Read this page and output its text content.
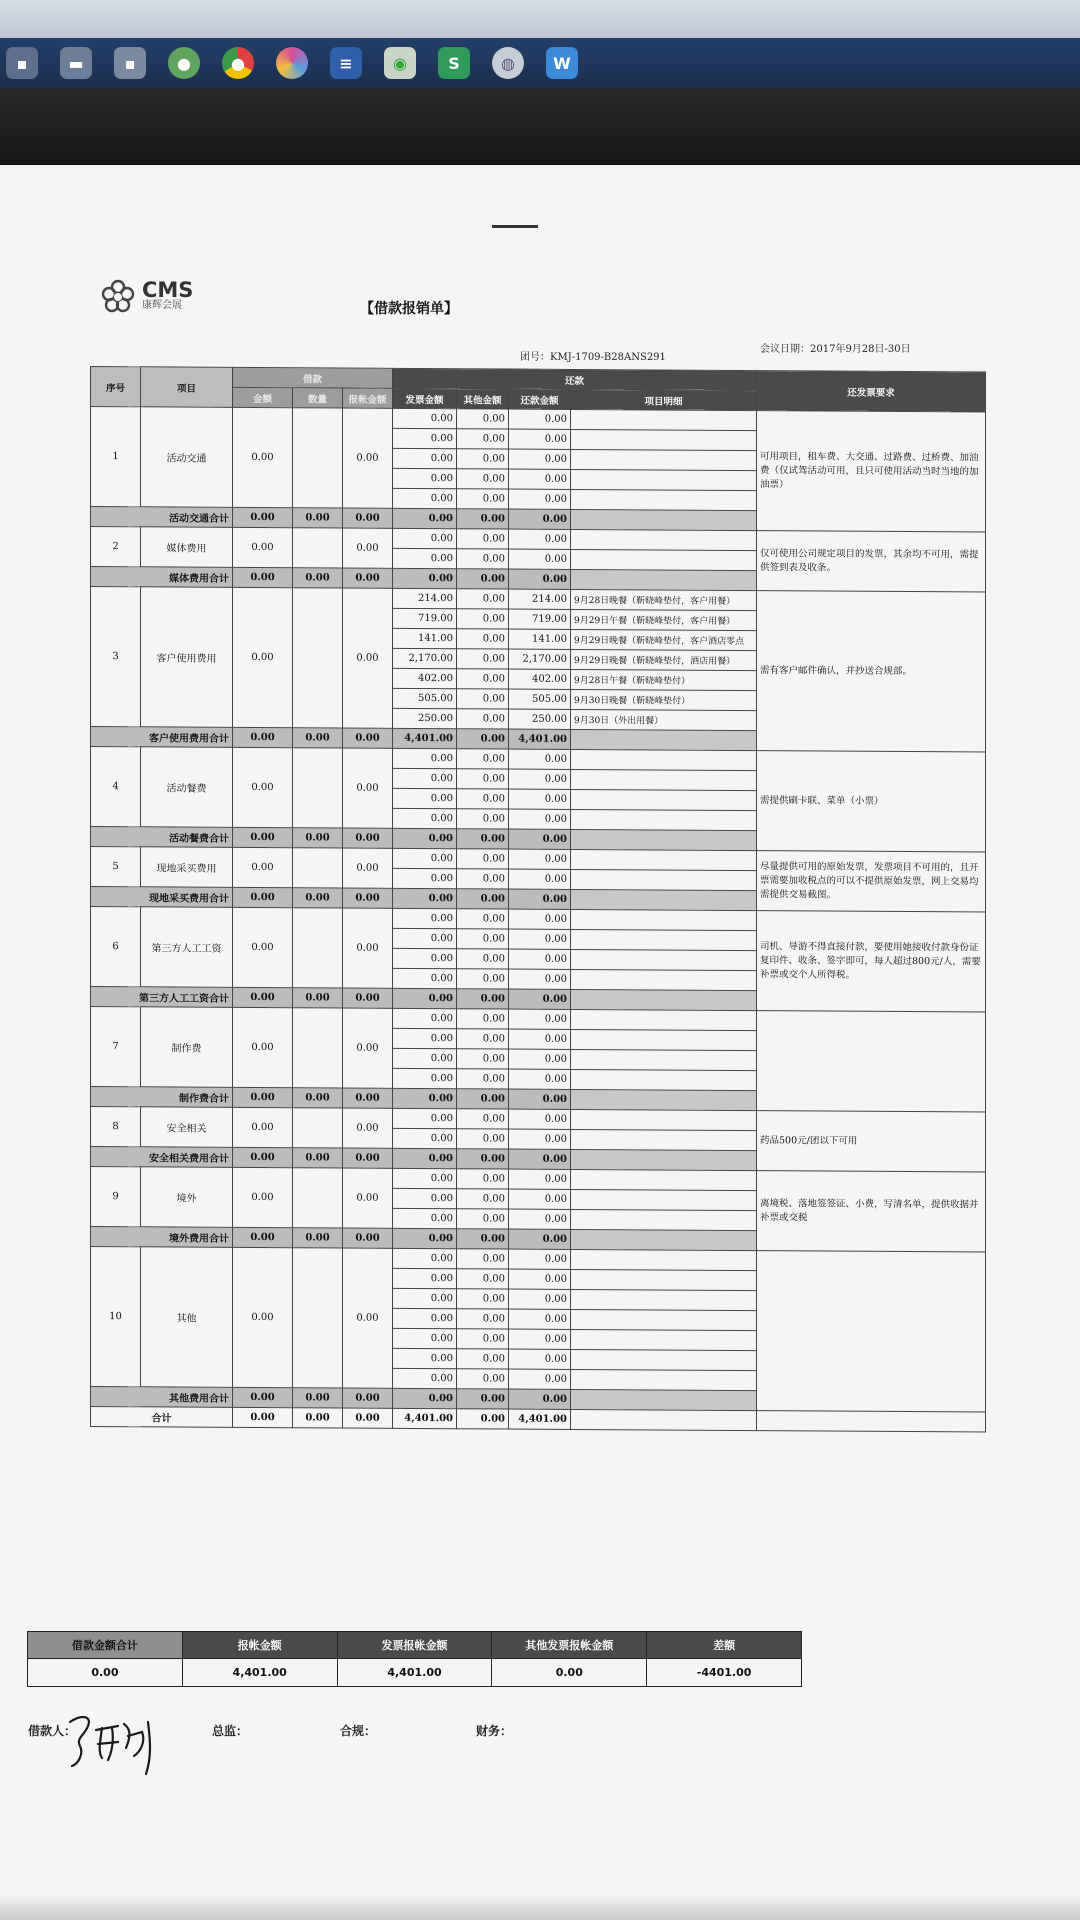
▪	▬	▪	●	●	≡	◉	S	◍	W
CMS
康辉会展	【借款报销单】
团号：KMJ-1709-B28ANS291
会议日期：2017年9月28日-30日
序号	项目	借款			还款				还发票要求
		金额	数量	报帐金额	发票金额	其他金额	还款金额	项目明细	
1	活动交通	0.00		0.00	0.00	0.00	0.00		可用项目，租车费、大交通、过路费、过桥费、加油费（仅试驾活动可用，且只可使用活动当时当地的加油票）
					0.00	0.00	0.00		
					0.00	0.00	0.00		
					0.00	0.00	0.00		
					0.00	0.00	0.00		
活动交通合计		0.00	0.00	0.00	0.00	0.00	0.00		
2	媒体费用	0.00		0.00	0.00	0.00	0.00		仅可使用公司规定项目的发票，其余均不可用，需提供签到表及收条。
					0.00	0.00	0.00		
媒体费用合计		0.00	0.00	0.00	0.00	0.00	0.00		
3	客户使用费用	0.00		0.00	214.00	0.00	214.00	9月28日晚餐（靳晓峰垫付，客户用餐）	需有客户邮件确认，并抄送合规部。
					719.00	0.00	719.00	9月29日午餐（靳晓峰垫付，客户用餐）	
					141.00	0.00	141.00	9月29日晚餐（靳晓峰垫付，客户酒店零点	
					2,170.00	0.00	2,170.00	9月29日晚餐（靳晓峰垫付，酒店用餐）	
					402.00	0.00	402.00	9月28日午餐（靳晓峰垫付）	
					505.00	0.00	505.00	9月30日晚餐（靳晓峰垫付）	
					250.00	0.00	250.00	9月30日（外出用餐）	
客户使用费用合计		0.00	0.00	0.00	4,401.00	0.00	4,401.00		
4	活动餐费	0.00		0.00	0.00	0.00	0.00		需提供刷卡联、菜单（小票）
					0.00	0.00	0.00		
					0.00	0.00	0.00		
					0.00	0.00	0.00		
活动餐费合计		0.00	0.00	0.00	0.00	0.00	0.00		
5	现地采买费用	0.00		0.00	0.00	0.00	0.00		尽量提供可用的原始发票，发票项目不可用的，且开票需要加收税点的可以不提供原始发票，网上交易均需提供交易截图。
					0.00	0.00	0.00		
现地采买费用合计		0.00	0.00	0.00	0.00	0.00	0.00		
6	第三方人工工资	0.00		0.00	0.00	0.00	0.00		司机、导游不得直接付款，要使用她接收付款身份证复印件、收条、签字即可，每人超过800元/人，需要补票或交个人所得税。
					0.00	0.00	0.00		
					0.00	0.00	0.00		
					0.00	0.00	0.00		
第三方人工工资合计		0.00	0.00	0.00	0.00	0.00	0.00		
7	制作费	0.00		0.00	0.00	0.00	0.00		
					0.00	0.00	0.00		
					0.00	0.00	0.00		
					0.00	0.00	0.00		
制作费合计		0.00	0.00	0.00	0.00	0.00	0.00		
8	安全相关	0.00		0.00	0.00	0.00	0.00		药品500元/团以下可用
					0.00	0.00	0.00		
安全相关费用合计		0.00	0.00	0.00	0.00	0.00	0.00		
9	境外	0.00		0.00	0.00	0.00	0.00		离境税、落地签签证、小费，写清名单，提供收据并补票或交税
					0.00	0.00	0.00		
					0.00	0.00	0.00		
境外费用合计		0.00	0.00	0.00	0.00	0.00	0.00		
10	其他	0.00		0.00	0.00	0.00	0.00		
					0.00	0.00	0.00		
					0.00	0.00	0.00		
					0.00	0.00	0.00		
					0.00	0.00	0.00		
					0.00	0.00	0.00		
					0.00	0.00	0.00		
其他费用合计		0.00	0.00	0.00	0.00	0.00	0.00		
合计		0.00	0.00	0.00	4,401.00	0.00	4,401.00		
借款金额合计	报帐金额	发票报帐金额	其他发票报帐金额	差额
0.00	4,401.00	4,401.00	0.00	-4401.00
借款人：	总监：	合规：	财务：
